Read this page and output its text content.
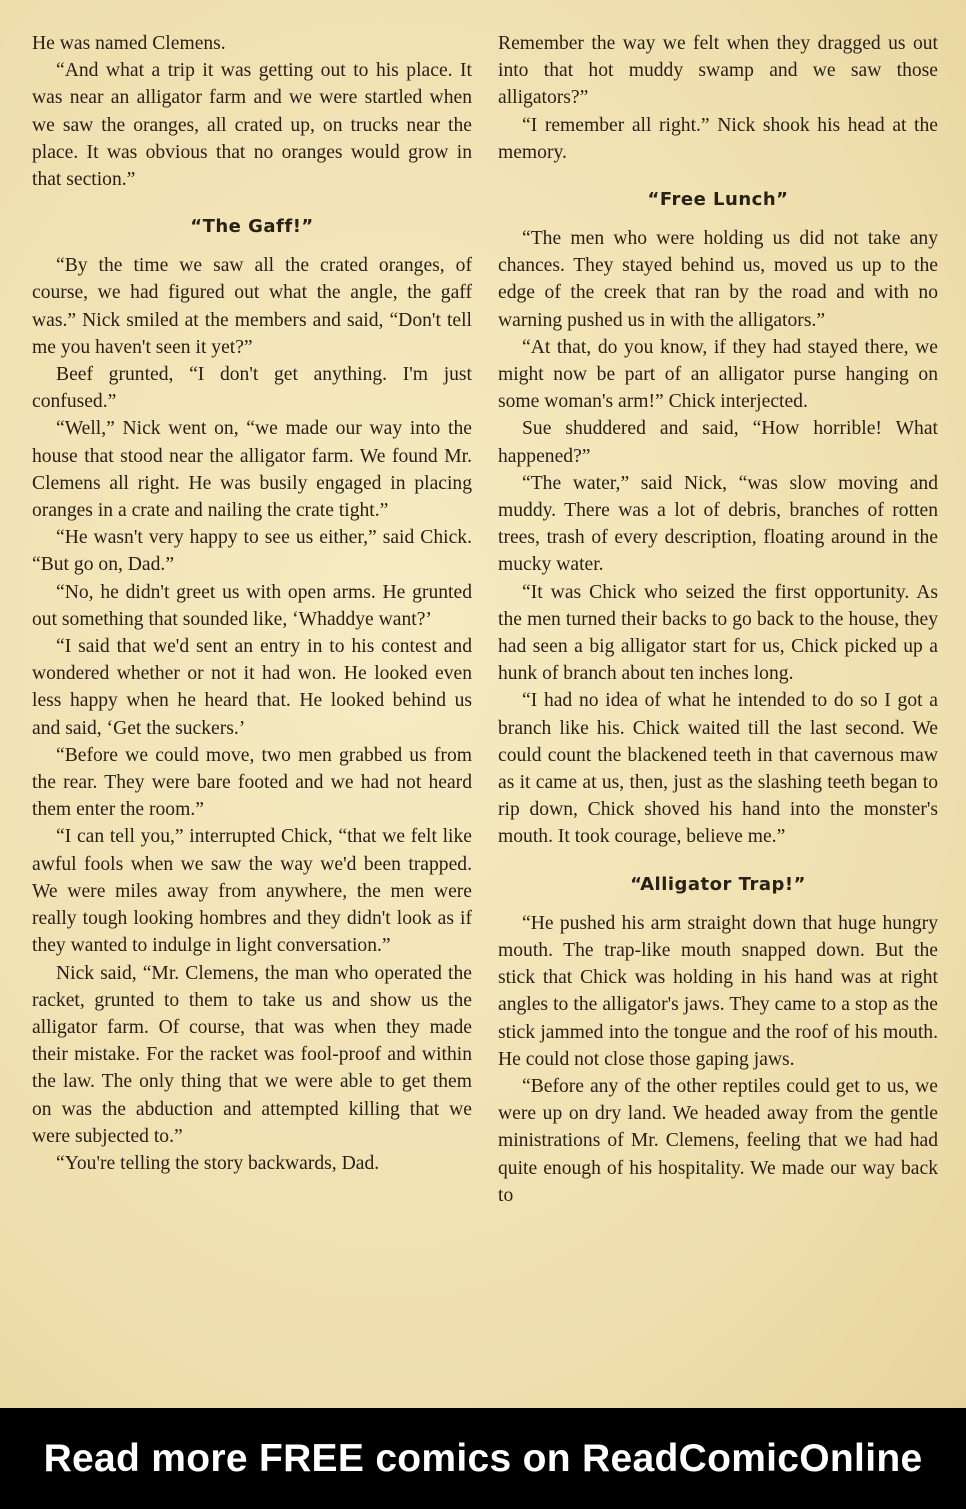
He was named Clemens.

“And what a trip it was getting out to his place. It was near an alligator farm and we were startled when we saw the oranges, all crated up, on trucks near the place. It was obvious that no oranges would grow in that section.”

“The Gaff!”

“By the time we saw all the crated oranges, of course, we had figured out what the angle, the gaff was.” Nick smiled at the members and said, “Don't tell me you haven't seen it yet?”

Beef grunted, “I don't get anything. I'm just confused.”

“Well,” Nick went on, “we made our way into the house that stood near the alligator farm. We found Mr. Clemens all right. He was busily engaged in placing oranges in a crate and nailing the crate tight.”

“He wasn't very happy to see us either,” said Chick. “But go on, Dad.”

“No, he didn't greet us with open arms. He grunted out something that sounded like, ‘Whaddye want?’

“I said that we'd sent an entry in to his contest and wondered whether or not it had won. He looked even less happy when he heard that. He looked behind us and said, ‘Get the suckers.’

“Before we could move, two men grabbed us from the rear. They were bare footed and we had not heard them enter the room.”

“I can tell you,” interrupted Chick, “that we felt like awful fools when we saw the way we'd been trapped. We were miles away from anywhere, the men were really tough looking hombres and they didn't look as if they wanted to indulge in light conversation.”

Nick said, “Mr. Clemens, the man who operated the racket, grunted to them to take us and show us the alligator farm. Of course, that was when they made their mistake. For the racket was fool-proof and within the law. The only thing that we were able to get them on was the abduction and attempted killing that we were subjected to.”

“You're telling the story backwards, Dad.

Remember the way we felt when they dragged us out into that hot muddy swamp and we saw those alligators?”

“I remember all right.” Nick shook his head at the memory.

“Free Lunch”

“The men who were holding us did not take any chances. They stayed behind us, moved us up to the edge of the creek that ran by the road and with no warning pushed us in with the alligators.”

“At that, do you know, if they had stayed there, we might now be part of an alligator purse hanging on some woman's arm!” Chick interjected.

Sue shuddered and said, “How horrible! What happened?”

“The water,” said Nick, “was slow moving and muddy. There was a lot of debris, branches of rotten trees, trash of every description, floating around in the mucky water.

“It was Chick who seized the first opportunity. As the men turned their backs to go back to the house, they had seen a big alligator start for us, Chick picked up a hunk of branch about ten inches long.

“I had no idea of what he intended to do so I got a branch like his. Chick waited till the last second. We could count the blackened teeth in that cavernous maw as it came at us, then, just as the slashing teeth began to rip down, Chick shoved his hand into the monster's mouth. It took courage, believe me.”

“Alligator Trap!”

“He pushed his arm straight down that huge hungry mouth. The trap-like mouth snapped down. But the stick that Chick was holding in his hand was at right angles to the alligator's jaws. They came to a stop as the stick jammed into the tongue and the roof of his mouth. He could not close those gaping jaws.

“Before any of the other reptiles could get to us, we were up on dry land. We headed away from the gentle ministrations of Mr. Clemens, feeling that we had had quite enough of his hospitality. We made our way back to

Read more FREE comics on ReadComicOnline
